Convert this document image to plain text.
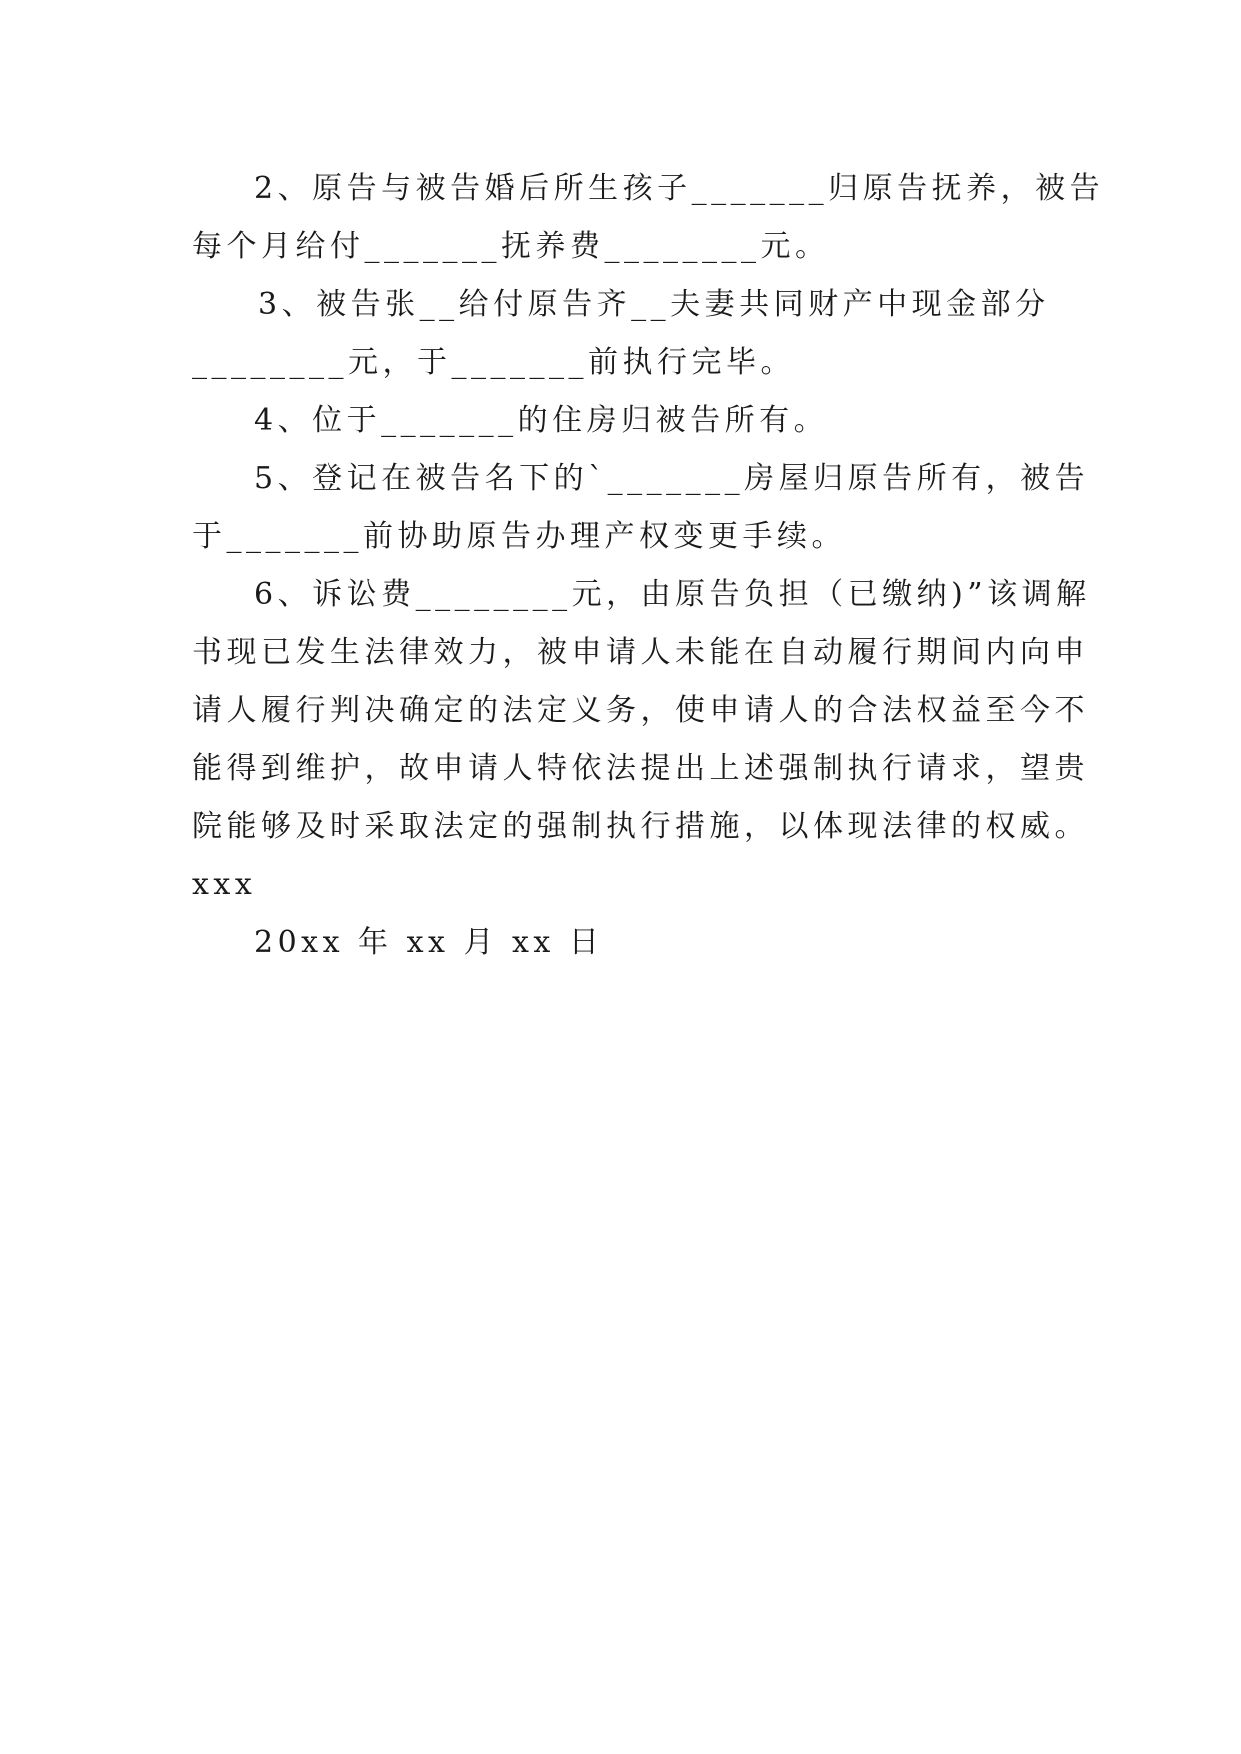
2、原告与被告婚后所生孩子_______归原告抚养，被告
每个月给付_______抚养费________元。
3、被告张__给付原告齐__夫妻共同财产中现金部分
________元，于_______前执行完毕。
4、位于_______的住房归被告所有。
5、登记在被告名下的`_______房屋归原告所有，被告
于_______前协助原告办理产权变更手续。
6、诉讼费________元，由原告负担（已缴纳)”该调解
书现已发生法律效力，被申请人未能在自动履行期间内向申
请人履行判决确定的法定义务，使申请人的合法权益至今不
能得到维护，故申请人特依法提出上述强制执行请求，望贵
院能够及时采取法定的强制执行措施，以体现法律的权威。
xxx
20xx 年 xx 月 xx 日
